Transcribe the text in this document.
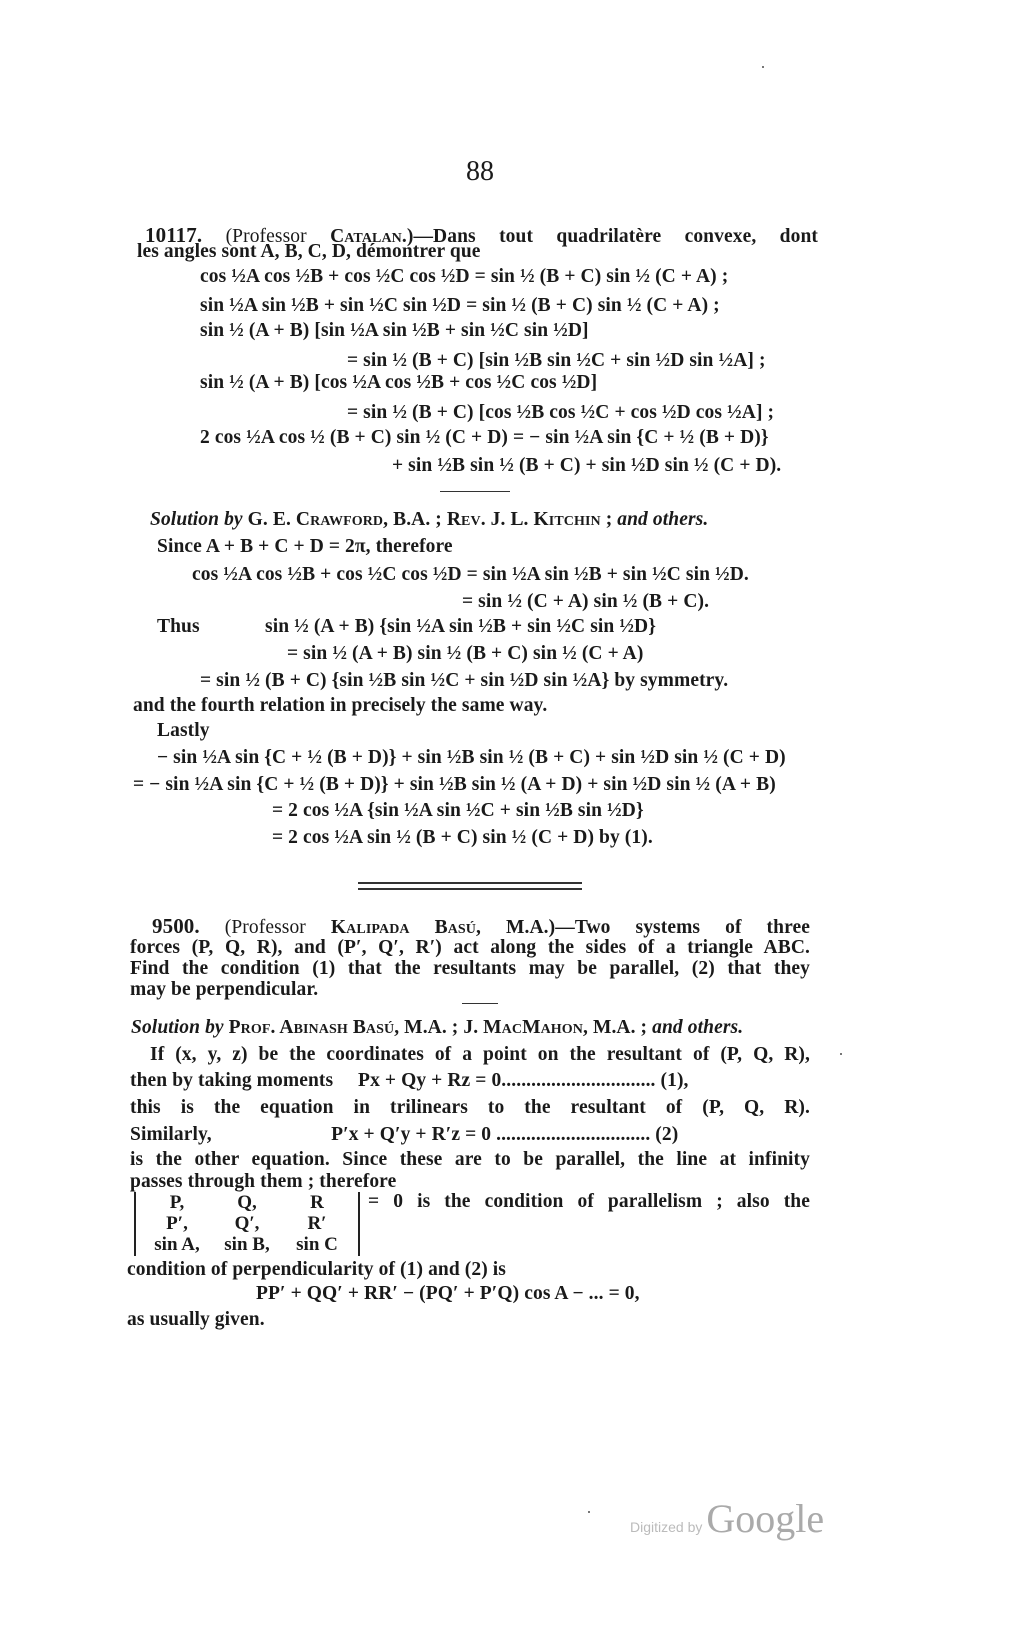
88
10117. (Professor Catalan.)—Dans tout quadrilatère convexe, dont
les angles sont A, B, C, D, démontrer que
cos ½A cos ½B + cos ½C cos ½D = sin ½ (B + C) sin ½ (C + A) ;
sin ½A sin ½B + sin ½C sin ½D = sin ½ (B + C) sin ½ (C + A) ;
sin ½ (A + B) [sin ½A sin ½B + sin ½C sin ½D]
= sin ½ (B + C) [sin ½B sin ½C + sin ½D sin ½A] ;
sin ½ (A + B) [cos ½A cos ½B + cos ½C cos ½D]
= sin ½ (B + C) [cos ½B cos ½C + cos ½D cos ½A] ;
2 cos ½A cos ½ (B + C) sin ½ (C + D) = − sin ½A sin {C + ½ (B + D)}
+ sin ½B sin ½ (B + C) + sin ½D sin ½ (C + D).
Solution by G. E. Crawford, B.A. ; Rev. J. L. Kitchin ; and others.
Since A + B + C + D = 2π, therefore
cos ½A cos ½B + cos ½C cos ½D = sin ½A sin ½B + sin ½C sin ½D.
= sin ½ (C + A) sin ½ (B + C).
Thus	sin ½ (A + B) {sin ½A sin ½B + sin ½C sin ½D}
= sin ½ (A + B) sin ½ (B + C) sin ½ (C + A)
= sin ½ (B + C) {sin ½B sin ½C + sin ½D sin ½A} by symmetry.
and the fourth relation in precisely the same way.
Lastly
− sin ½A sin {C + ½ (B + D)} + sin ½B sin ½ (B + C) + sin ½D sin ½ (C + D)
= − sin ½A sin {C + ½ (B + D)} + sin ½B sin ½ (A + D) + sin ½D sin ½ (A + B)
= 2 cos ½A {sin ½A sin ½C + sin ½B sin ½D}
= 2 cos ½A sin ½ (B + C) sin ½ (C + D) by (1).
9500. (Professor Kalipada Basú, M.A.)—Two systems of three
forces (P, Q, R), and (P′, Q′, R′) act along the sides of a triangle ABC.
Find the condition (1) that the resultants may be parallel, (2) that they
may be perpendicular.
Solution by Prof. Abinash Basú, M.A. ; J. MacMahon, M.A. ; and others.
If (x, y, z) be the coordinates of a point on the resultant of (P, Q, R),
then by taking moments     Px + Qy + Rz = 0............................... (1),
this is the equation in trilinears to the resultant of (P, Q, R).
Similarly,                        P′x + Q′y + R′z = 0 ............................... (2)
is the other equation. Since these are to be parallel, the line at infinity
passes through them ; therefore
P,	Q,	R
P′,	Q′,	R′
sin A,	sin B,	sin C
= 0 is the condition of parallelism ; also the
condition of perpendicularity of (1) and (2) is
PP′ + QQ′ + RR′ − (PQ′ + P′Q) cos A − ... = 0,
as usually given.
Digitized by Google
